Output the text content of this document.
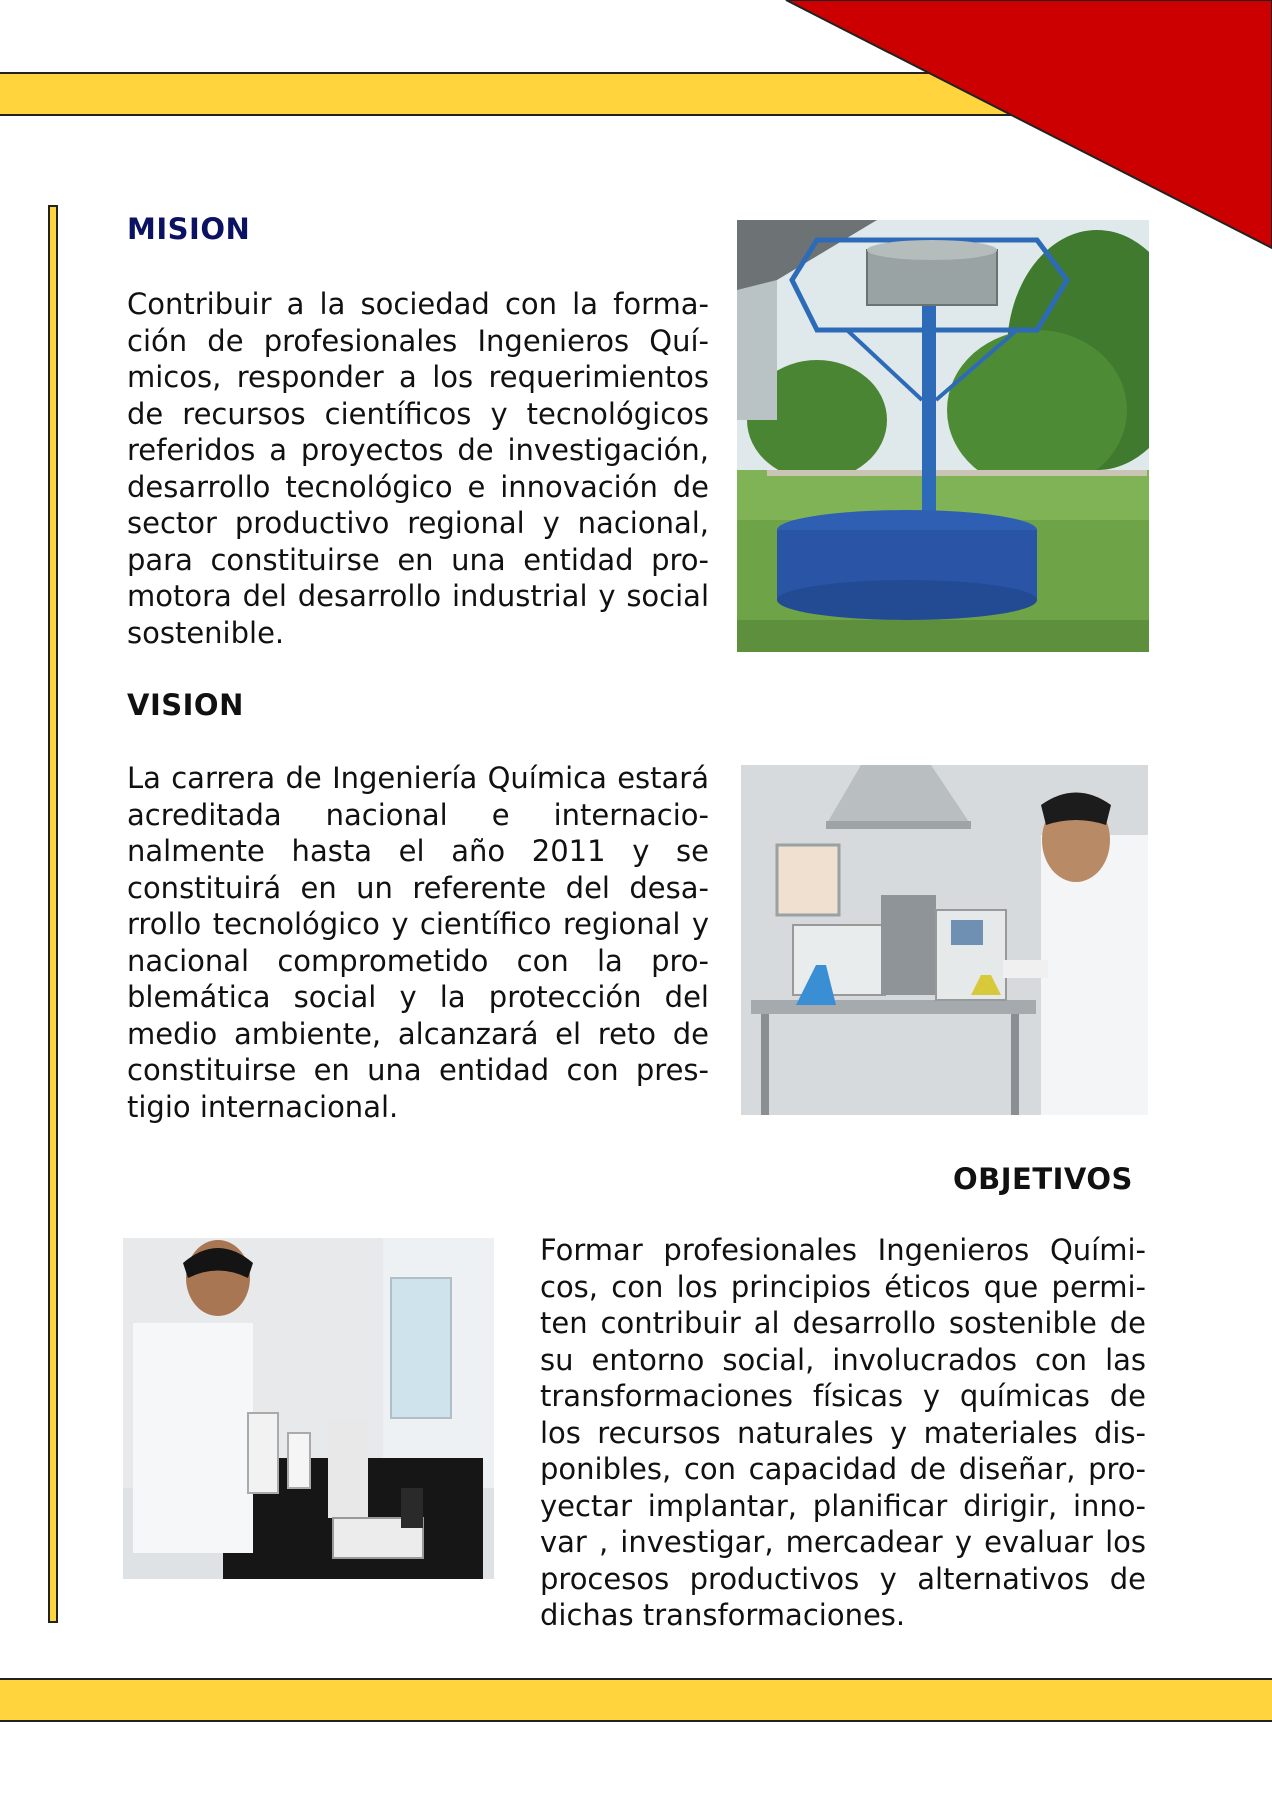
MISION

Contribuir a la sociedad con la formación de profesionales Ingenieros Químicos, responder a los requerimientos de recursos científicos y tecnológicos referidos a proyectos de investigación, desarrollo tecnológico e innovación de sector productivo regional y nacional, para constituirse en una entidad promotora del desarrollo industrial y social sostenible.

VISION

La carrera de Ingeniería Química estará acreditada nacional e internacionalmente hasta el año 2011 y se constituirá en un referente del desarrollo tecnológico y científico regional y nacional comprometido con la problemática social y la protección del medio ambiente, alcanzará el reto de constituirse en una entidad con prestigio internacional.

OBJETIVOS

Formar profesionales Ingenieros Químicos, con los principios éticos que permiten contribuir al desarrollo sostenible de su entorno social, involucrados con las transformaciones físicas y químicas de los recursos naturales y materiales disponibles, con capacidad de diseñar, proyectar implantar, planificar dirigir, innovar , investigar, mercadear y evaluar los procesos productivos y alternativos de dichas transformaciones.
